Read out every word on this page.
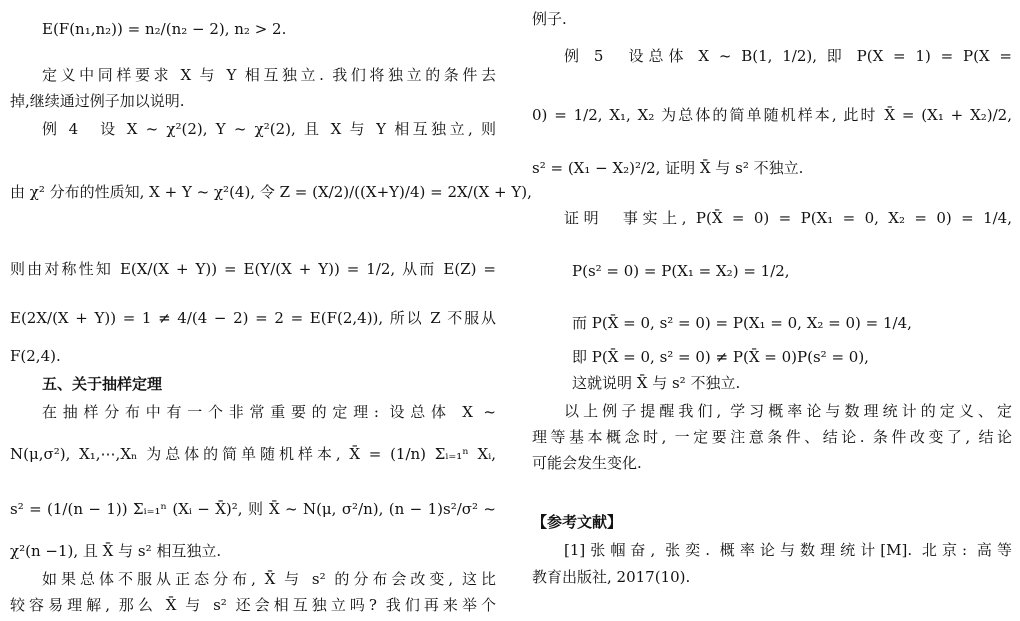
E(F(n₁,n₂)) = n₂/(n₂ − 2), n₂ > 2.
定义中同样要求 X 与 Y 相互独立. 我们将独立的条件去
掉,继续通过例子加以说明.
例 4　设 X ~ χ²(2), Y ~ χ²(2), 且 X 与 Y 相互独立, 则
由 χ² 分布的性质知, X + Y ~ χ²(4), 令 Z = (X/2)/((X+Y)/4) = 2X/(X + Y),
则由对称性知 E(X/(X + Y)) = E(Y/(X + Y)) = 1/2, 从而 E(Z) =
E(2X/(X + Y)) = 1 ≠ 4/(4 − 2) = 2 = E(F(2,4)), 所以 Z 不服从
F(2,4).
五、关于抽样定理
在抽样分布中有一个非常重要的定理: 设总体 X ~
N(μ,σ²), X₁,⋯,Xₙ 为总体的简单随机样本, X̄ = (1/n) Σᵢ₌₁ⁿ Xᵢ,
s² = (1/(n − 1)) Σᵢ₌₁ⁿ (Xᵢ − X̄)², 则 X̄ ~ N(μ, σ²/n), (n − 1)s²/σ² ~
χ²(n −1), 且 X̄ 与 s² 相互独立.
如果总体不服从正态分布, X̄ 与 s² 的分布会改变, 这比
较容易理解, 那么 X̄ 与 s² 还会相互独立吗? 我们再来举个
例子.
例 5　设总体 X ~ B(1, 1/2), 即 P(X = 1) = P(X =
0) = 1/2, X₁, X₂ 为总体的简单随机样本, 此时 X̄ = (X₁ + X₂)/2,
s² = (X₁ − X₂)²/2, 证明 X̄ 与 s² 不独立.
证明　事实上, P(X̄ = 0) = P(X₁ = 0, X₂ = 0) = 1/4,
P(s² = 0) = P(X₁ = X₂) = 1/2,
而 P(X̄ = 0, s² = 0) = P(X₁ = 0, X₂ = 0) = 1/4,
即 P(X̄ = 0, s² = 0) ≠ P(X̄ = 0)P(s² = 0),
这就说明 X̄ 与 s² 不独立.
以上例子提醒我们, 学习概率论与数理统计的定义、定
理等基本概念时, 一定要注意条件、结论. 条件改变了, 结论
可能会发生变化.
【参考文献】
[1]张帼奋, 张奕. 概率论与数理统计[M]. 北京: 高等
教育出版社, 2017(10).
